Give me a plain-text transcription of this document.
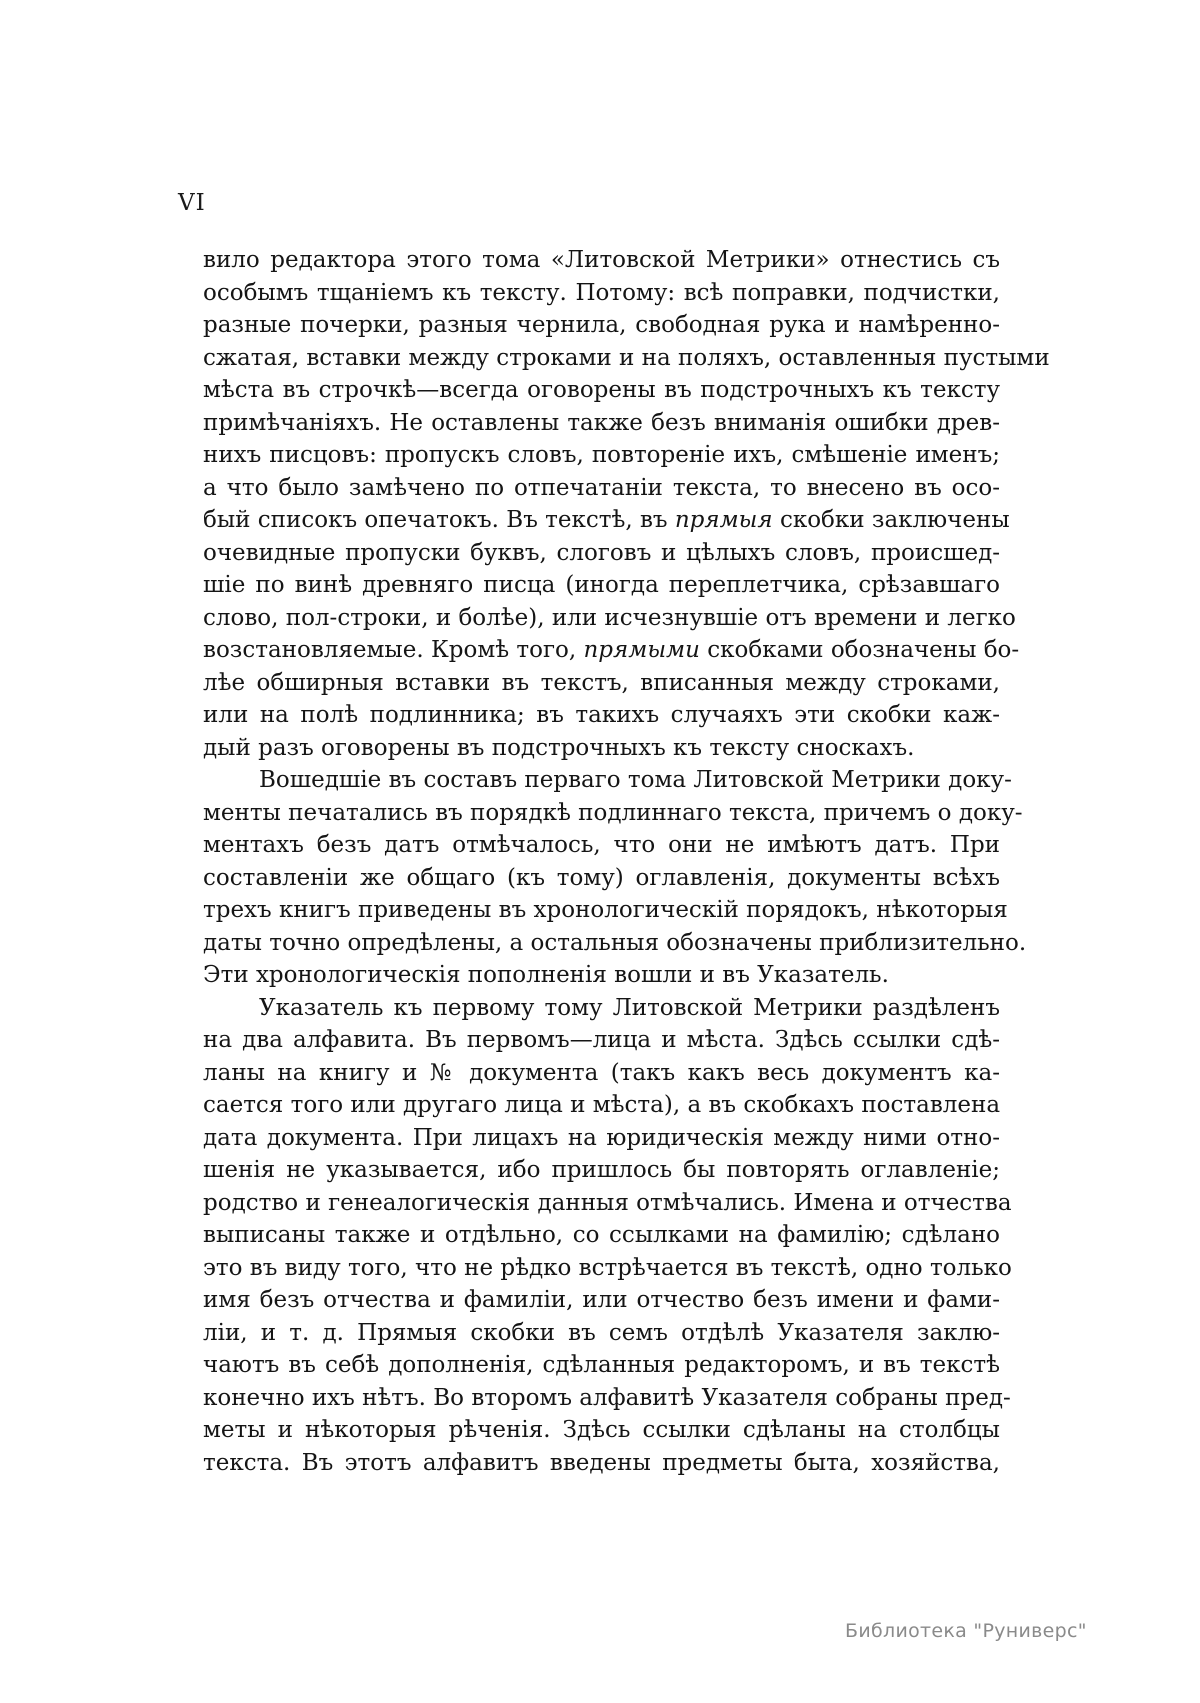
VI
вило редактора этого тома «Литовской Метрики» отнестись съ
особымъ тщаніемъ къ тексту. Потому: всѣ поправки, подчистки,
разные почерки, разныя чернила, свободная рука и намѣренно-
сжатая, вставки между строками и на поляхъ, оставленныя пустыми
мѣста въ строчкѣ—всегда оговорены въ подстрочныхъ къ тексту
примѣчаніяхъ. Не оставлены также безъ вниманія ошибки древ-
нихъ писцовъ: пропускъ словъ, повтореніе ихъ, смѣшеніе именъ;
а что было замѣчено по отпечатаніи текста, то внесено въ осо-
бый списокъ опечатокъ. Въ текстѣ, въ прямыя скобки заключены
очевидные пропуски буквъ, слоговъ и цѣлыхъ словъ, происшед-
шіе по винѣ древняго писца (иногда переплетчика, срѣзавшаго
слово, пол-строки, и болѣе), или исчезнувшіе отъ времени и легко
возстановляемые. Кромѣ того, прямыми скобками обозначены бо-
лѣе обширныя вставки въ текстъ, вписанныя между строками,
или на полѣ подлинника; въ такихъ случаяхъ эти скобки каж-
дый разъ оговорены въ подстрочныхъ къ тексту сноскахъ.
Вошедшіе въ составъ перваго тома Литовской Метрики доку-
менты печатались въ порядкѣ подлиннаго текста, причемъ о доку-
ментахъ безъ датъ отмѣчалось, что они не имѣютъ датъ. При
составленіи же общаго (къ тому) оглавленія, документы всѣхъ
трехъ книгъ приведены въ хронологическій порядокъ, нѣкоторыя
даты точно опредѣлены, а остальныя обозначены приблизительно.
Эти хронологическія пополненія вошли и въ Указатель.
Указатель къ первому тому Литовской Метрики раздѣленъ
на два алфавита. Въ первомъ—лица и мѣста. Здѣсь ссылки сдѣ-
ланы на книгу и № документа (такъ какъ весь документъ ка-
сается того или другаго лица и мѣста), а въ скобкахъ поставлена
дата документа. При лицахъ на юридическія между ними отно-
шенія не указывается, ибо пришлось бы повторять оглавленіе;
родство и генеалогическія данныя отмѣчались. Имена и отчества
выписаны также и отдѣльно, со ссылками на фамилію; сдѣлано
это въ виду того, что не рѣдко встрѣчается въ текстѣ, одно только
имя безъ отчества и фамиліи, или отчество безъ имени и фами-
ліи, и т. д. Прямыя скобки въ семъ отдѣлѣ Указателя заклю-
чаютъ въ себѣ дополненія, сдѣланныя редакторомъ, и въ текстѣ
конечно ихъ нѣтъ. Во второмъ алфавитѣ Указателя собраны пред-
меты и нѣкоторыя рѣченія. Здѣсь ссылки сдѣланы на столбцы
текста. Въ этотъ алфавитъ введены предметы быта, хозяйства,
Библиотека "Руниверс"
